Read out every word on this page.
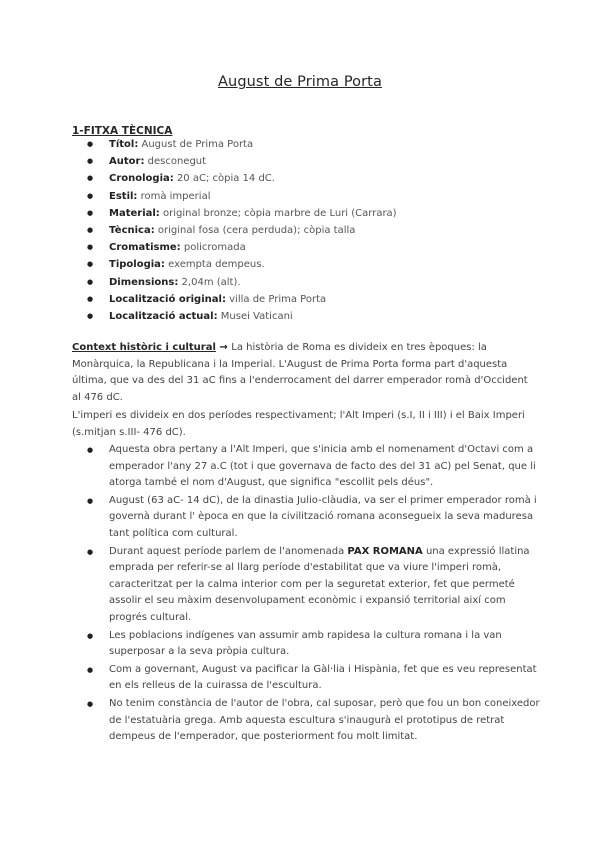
August de Prima Porta
1-FITXA TÈCNICA
● Títol: August de Prima Porta
● Autor: desconegut
● Cronologia: 20 aC; còpia 14 dC.
● Estil: romà imperial
● Material: original bronze; còpia marbre de Luri (Carrara)
● Tècnica: original fosa (cera perduda); còpia talla
● Cromatisme: policromada
● Tipologia: exempta dempeus.
● Dimensions: 2,04m (alt).
● Localització original: villa de Prima Porta
● Localització actual: Musei Vaticani
Context històric i cultural → La història de Roma es divideix en tres èpoques: la Monàrquica, la Republicana i la Imperial. L'August de Prima Porta forma part d'aquesta última, que va des del 31 aC fins a l'enderrocament del darrer emperador romà d'Occident al 476 dC.
L'imperi es divideix en dos períodes respectivament; l'Alt Imperi (s.I, II i III) i el Baix Imperi (s.mitjan s.III- 476 dC).
● Aquesta obra pertany a l'Alt Imperi, que s'inicia amb el nomenament d'Octavi com a emperador l'any 27 a.C (tot i que governava de facto des del 31 aC) pel Senat, que li atorga també el nom d'August, que significa "escollit pels déus".
● August (63 aC- 14 dC), de la dinastia Julio-clàudia, va ser el primer emperador romà i governà durant l' època en que la civilització romana aconsegueix la seva maduresa tant política com cultural.
● Durant aquest període parlem de l'anomenada PAX ROMANA una expressió llatina emprada per referir-se al llarg període d'estabilitat que va viure l'imperi romà, caracteritzat per la calma interior com per la seguretat exterior, fet que permeté assolir el seu màxim desenvolupament econòmic i expansió territorial així com progrés cultural.
● Les poblacions indígenes van assumir amb rapidesa la cultura romana i la van superposar a la seva pròpia cultura.
● Com a governant, August va pacificar la Gàl·lia i Hispània, fet que es veu representat en els relleus de la cuirassa de l'escultura.
● No tenim constància de l'autor de l'obra, cal suposar, però que fou un bon coneixedor de l'estatuària grega. Amb aquesta escultura s'inaugurà el prototipus de retrat dempeus de l'emperador, que posteriorment fou molt limitat.
